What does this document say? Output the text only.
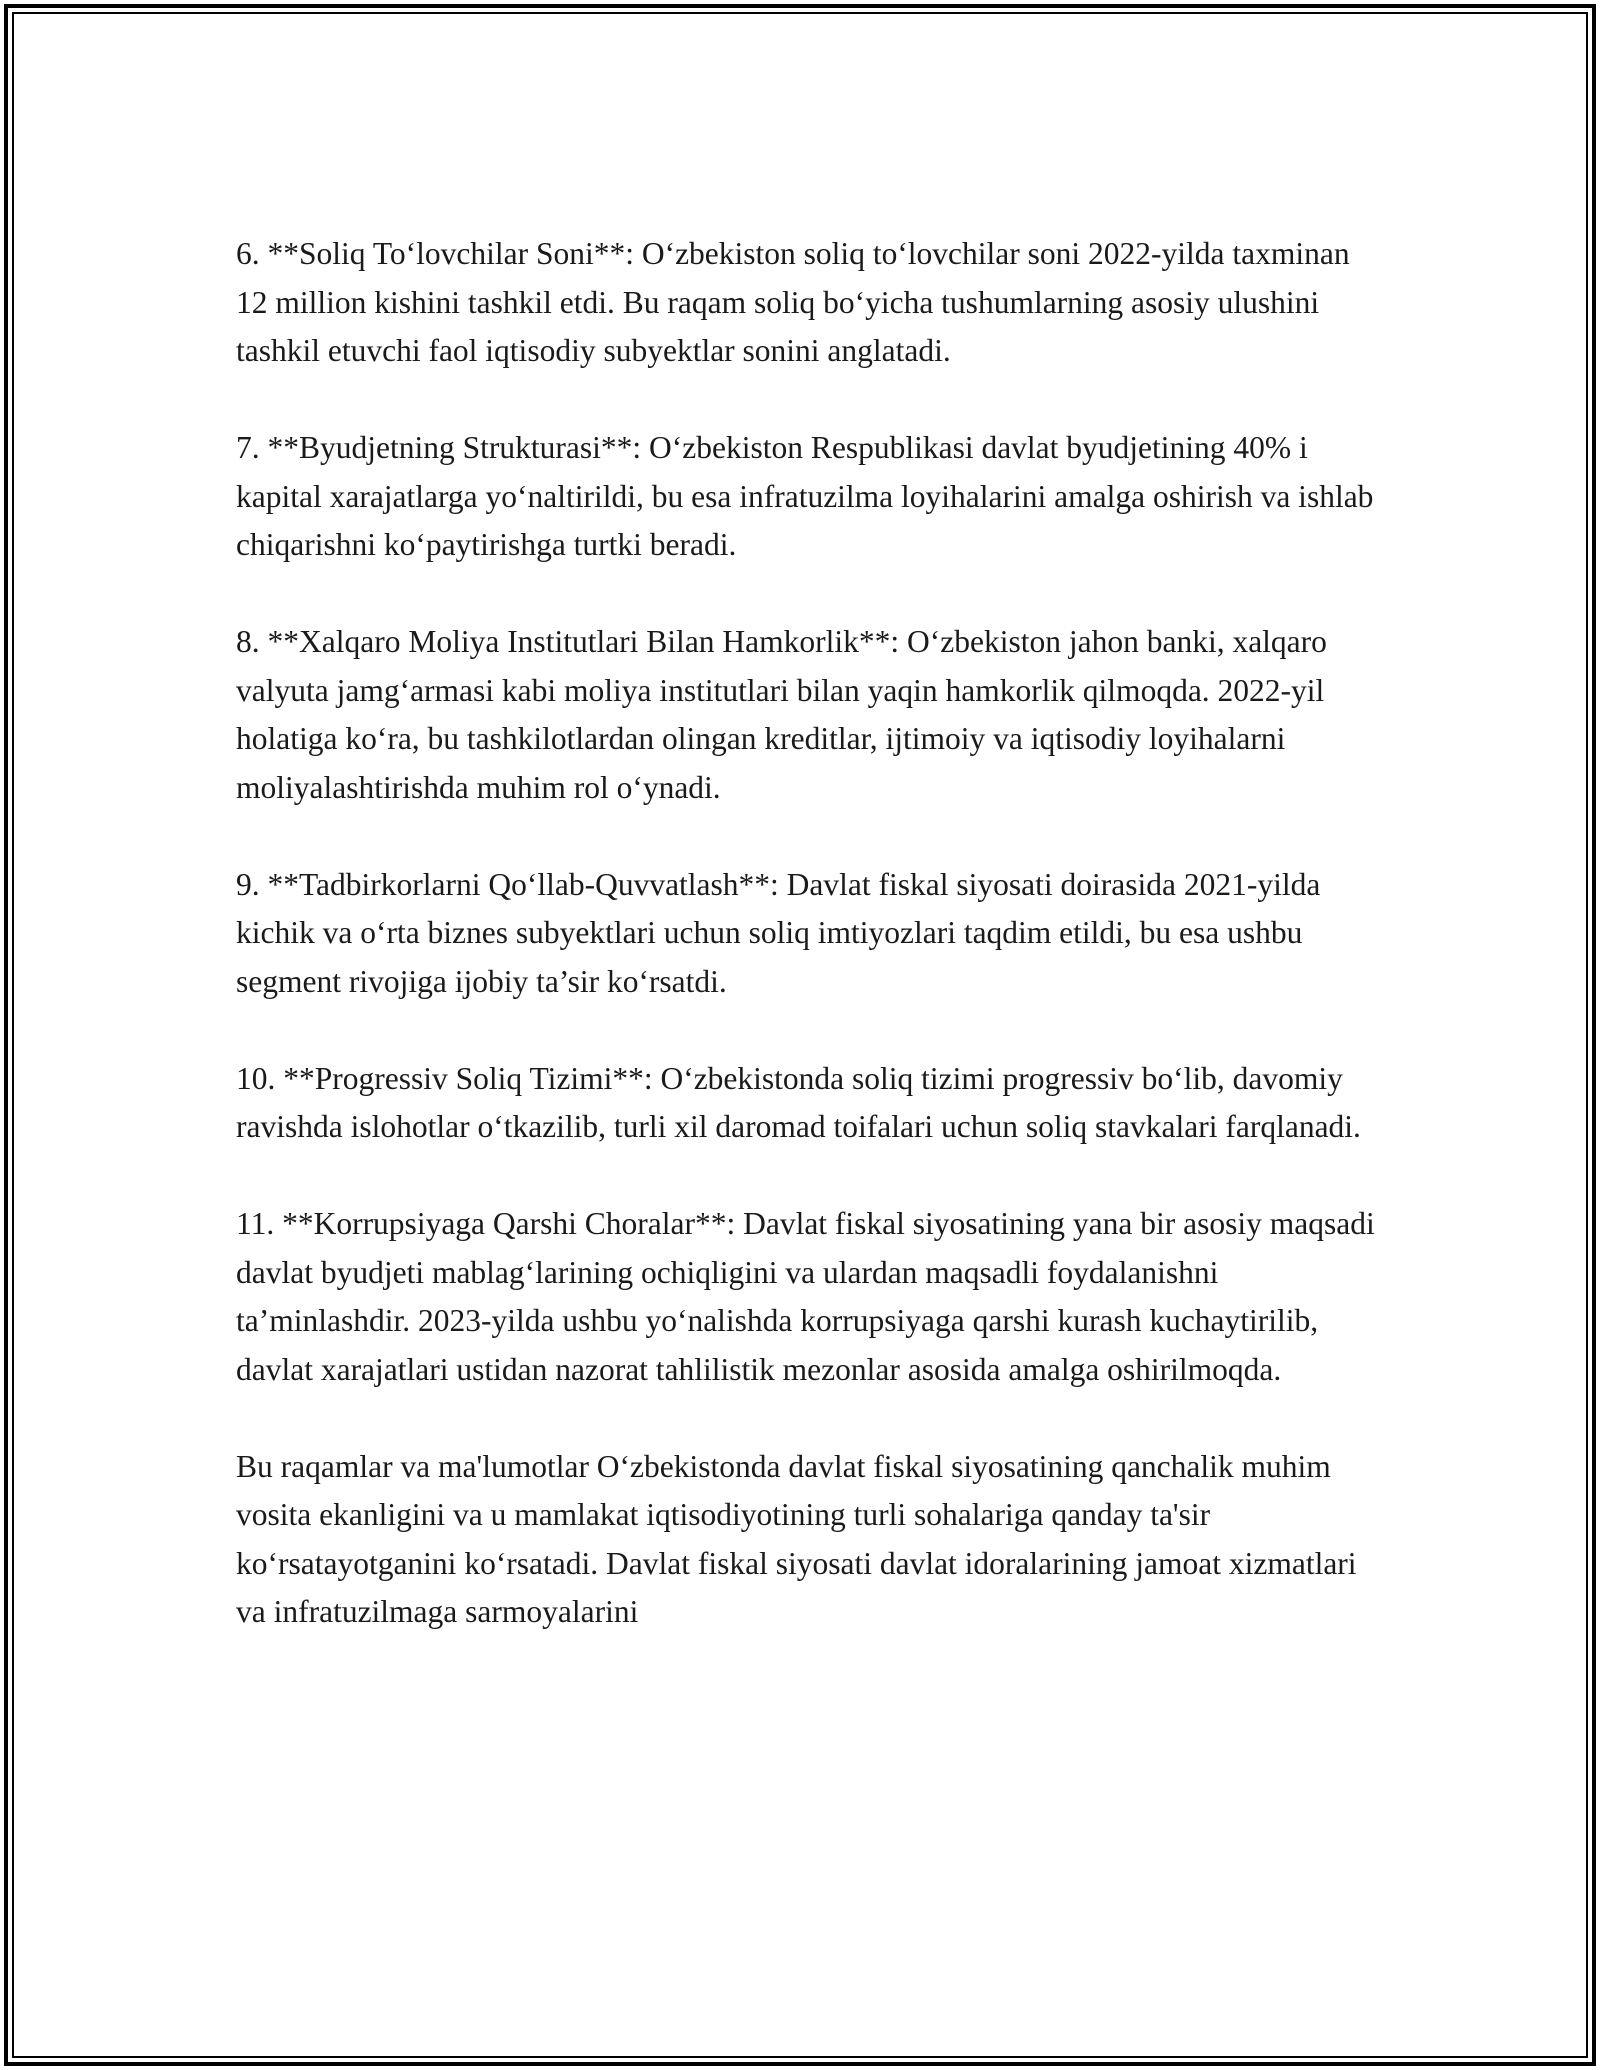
6. **Soliq To‘lovchilar Soni**: O‘zbekiston soliq to‘lovchilar soni 2022-yilda taxminan 12 million kishini tashkil etdi. Bu raqam soliq bo‘yicha tushumlarning asosiy ulushini tashkil etuvchi faol iqtisodiy subyektlar sonini anglatadi.

7. **Byudjetning Strukturasi**: O‘zbekiston Respublikasi davlat byudjetining 40% i kapital xarajatlarga yo‘naltirildi, bu esa infratuzilma loyihalarini amalga oshirish va ishlab chiqarishni ko‘paytirishga turtki beradi.

8. **Xalqaro Moliya Institutlari Bilan Hamkorlik**: O‘zbekiston jahon banki, xalqaro valyuta jamg‘armasi kabi moliya institutlari bilan yaqin hamkorlik qilmoqda. 2022-yil holatiga ko‘ra, bu tashkilotlardan olingan kreditlar, ijtimoiy va iqtisodiy loyihalarni moliyalashtirishda muhim rol o‘ynadi.

9. **Tadbirkorlarni Qo‘llab-Quvvatlash**: Davlat fiskal siyosati doirasida 2021-yilda kichik va o‘rta biznes subyektlari uchun soliq imtiyozlari taqdim etildi, bu esa ushbu segment rivojiga ijobiy ta’sir ko‘rsatdi.

10. **Progressiv Soliq Tizimi**: O‘zbekistonda soliq tizimi progressiv bo‘lib, davomiy ravishda islohotlar o‘tkazilib, turli xil daromad toifalari uchun soliq stavkalari farqlanadi.

11. **Korrupsiyaga Qarshi Choralar**: Davlat fiskal siyosatining yana bir asosiy maqsadi davlat byudjeti mablag‘larining ochiqligini va ulardan maqsadli foydalanishni ta’minlashdir. 2023-yilda ushbu yo‘nalishda korrupsiyaga qarshi kurash kuchaytirilib, davlat xarajatlari ustidan nazorat tahlilistik mezonlar asosida amalga oshirilmoqda.

Bu raqamlar va ma'lumotlar O‘zbekistonda davlat fiskal siyosatining qanchalik muhim vosita ekanligini va u mamlakat iqtisodiyotining turli sohalariga qanday ta'sir ko‘rsatayotganini ko‘rsatadi. Davlat fiskal siyosati davlat idoralarining jamoat xizmatlari va infratuzilmaga sarmoyalarini
